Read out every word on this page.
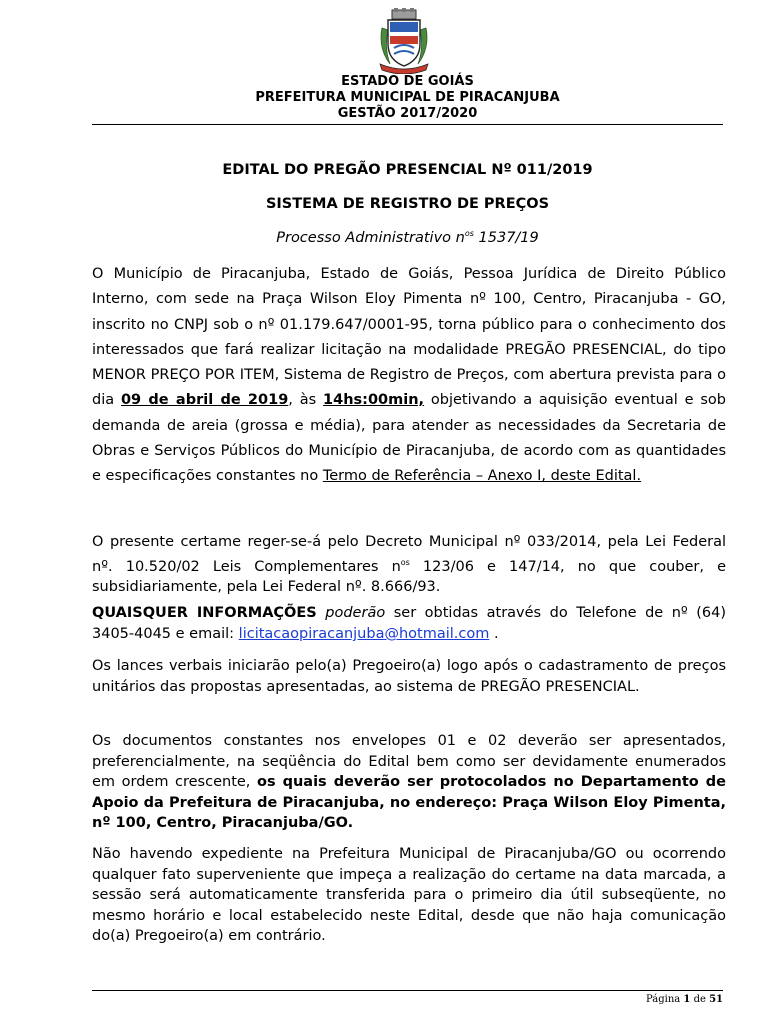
ESTADO DE GOIÁS
PREFEITURA MUNICIPAL DE PIRACANJUBA
GESTÃO 2017/2020
EDITAL DO PREGÃO PRESENCIAL Nº 011/2019
SISTEMA DE REGISTRO DE PREÇOS
Processo Administrativo $n^{os}$ 1537/19
O Município de Piracanjuba, Estado de Goiás, Pessoa Jurídica de Direito Público Interno, com sede na Praça Wilson Eloy Pimenta nº 100, Centro, Piracanjuba - GO, inscrito no CNPJ sob o nº 01.179.647/0001-95, torna público para o conhecimento dos interessados que fará realizar licitação na modalidade PREGÃO PRESENCIAL, do tipo MENOR PREÇO POR ITEM, Sistema de Registro de Preços, com abertura prevista para o dia 09 de abril de 2019, às 14hs:00min, objetivando a aquisição eventual e sob demanda de areia (grossa e média), para atender as necessidades da Secretaria de Obras e Serviços Públicos do Município de Piracanjuba, de acordo com as quantidades e especificações constantes no Termo de Referência – Anexo I, deste Edital.
O presente certame reger-se-á pelo Decreto Municipal nº 033/2014, pela Lei Federal nº. 10.520/02 Leis Complementares $n^{os}$ 123/06 e 147/14, no que couber, e subsidiariamente, pela Lei Federal nº. 8.666/93.
QUAISQUER INFORMAÇÕES poderão ser obtidas através do Telefone de nº (64) 3405-4045 e email: licitacaopiracanjuba@hotmail.com .
Os lances verbais iniciarão pelo(a) Pregoeiro(a) logo após o cadastramento de preços unitários das propostas apresentadas, ao sistema de PREGÃO PRESENCIAL.
Os documentos constantes nos envelopes 01 e 02 deverão ser apresentados, preferencialmente, na seqüência do Edital bem como ser devidamente enumerados em ordem crescente, os quais deverão ser protocolados no Departamento de Apoio da Prefeitura de Piracanjuba, no endereço: Praça Wilson Eloy Pimenta, nº 100, Centro, Piracanjuba/GO.
Não havendo expediente na Prefeitura Municipal de Piracanjuba/GO ou ocorrendo qualquer fato superveniente que impeça a realização do certame na data marcada, a sessão será automaticamente transferida para o primeiro dia útil subseqüente, no mesmo horário e local estabelecido neste Edital, desde que não haja comunicação do(a) Pregoeiro(a) em contrário.
Página 1 de 51
